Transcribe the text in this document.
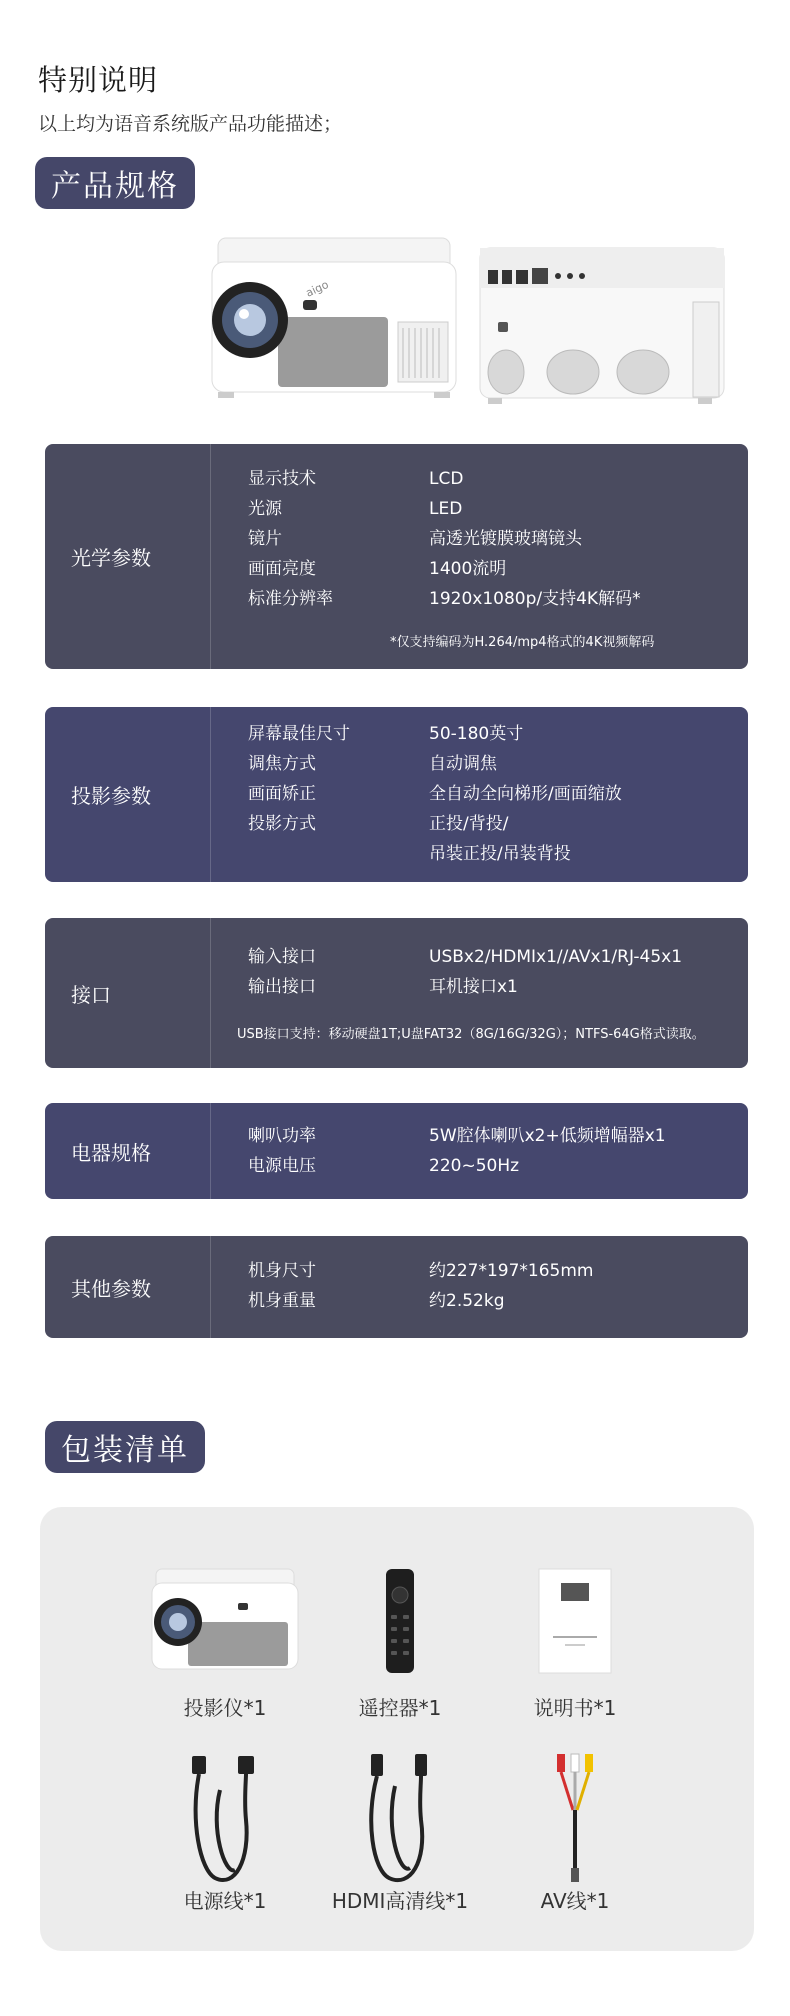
特别说明

以上均为语音系统版产品功能描述；

产品规格
aigo
光学参数
显示技术	LCD
光源	LED
镜片	高透光镀膜玻璃镜头
画面亮度	1400流明
标准分辨率	1920x1080p/支持4K解码*
*仅支持编码为H.264/mp4格式的4K视频解码
投影参数
屏幕最佳尺寸	50-180英寸
调焦方式	自动调焦
画面矫正	全自动全向梯形/画面缩放
投影方式	正投/背投/
吊装正投/吊装背投
接口
输入接口	USBx2/HDMIx1//AVx1/RJ-45x1
输出接口	耳机接口x1
USB接口支持：移动硬盘1T;U盘FAT32（8G/16G/32G）；NTFS-64G格式读取。
电器规格
喇叭功率	5W腔体喇叭x2+低频增幅器x1
电源电压	220~50Hz
其他参数
机身尺寸	约227*197*165mm
机身重量	约2.52kg
包装清单
投影仪*1	遥控器*1	说明书*1
电源线*1	HDMI高清线*1	AV线*1
